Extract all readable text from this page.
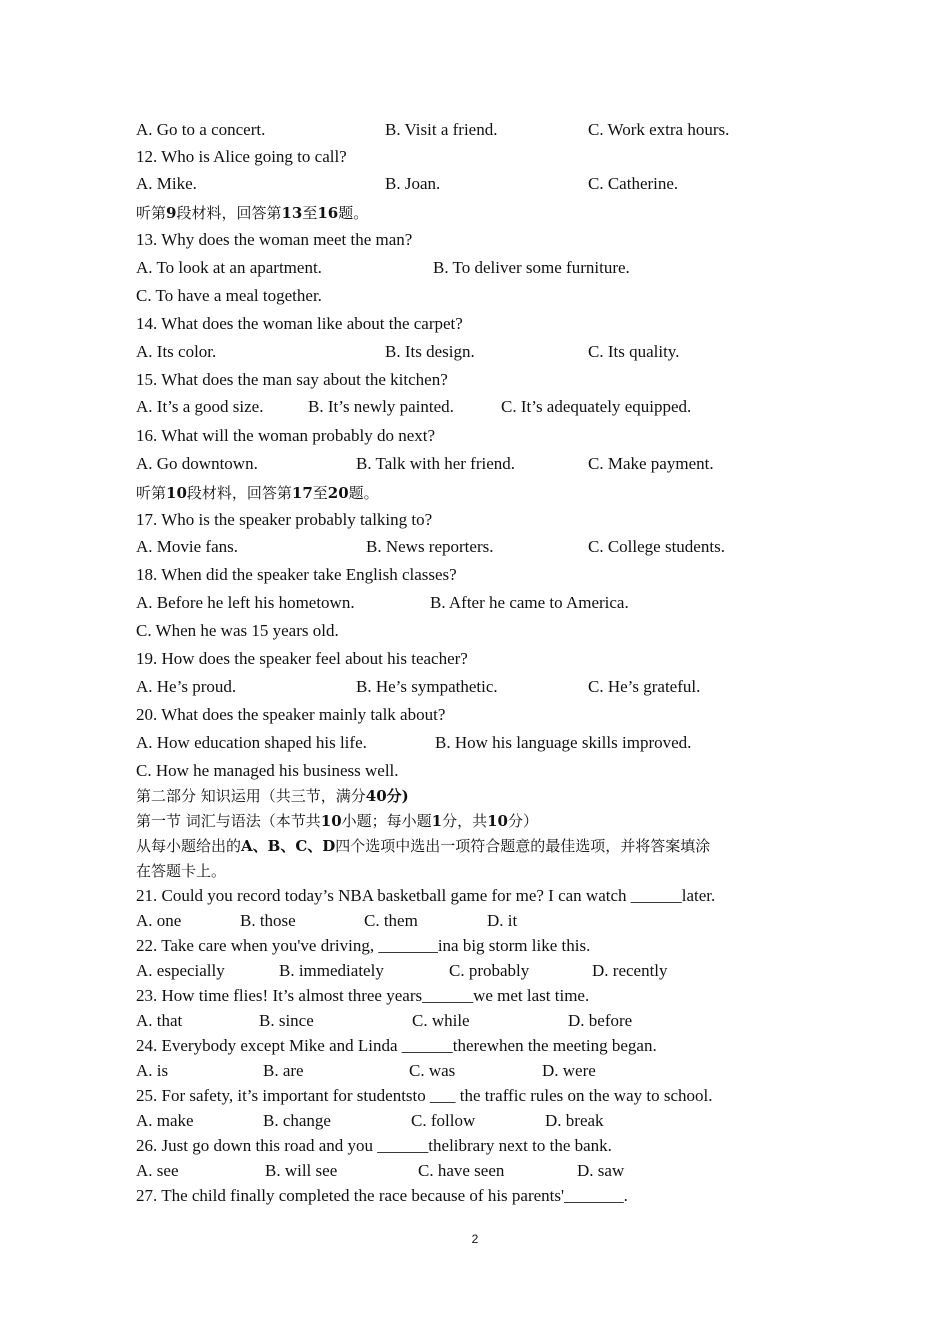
A. Go to a concert.	B. Visit a friend.	C. Work extra hours.
12. Who is Alice going to call?
A. Mike.	B. Joan.	C. Catherine.
听第9段材料，回答第13至16题。
13. Why does the woman meet the man?
A. To look at an apartment.	B. To deliver some furniture.
C. To have a meal together.
14. What does the woman like about the carpet?
A. Its color.	B. Its design.	C. Its quality.
15. What does the man say about the kitchen?
A. It’s a good size.	B. It’s newly painted.	C. It’s adequately equipped.
16. What will the woman probably do next?
A. Go downtown.	B. Talk with her friend.	C. Make payment.
听第10段材料，回答第17至20题。
17. Who is the speaker probably talking to?
A. Movie fans.	B. News reporters.	C. College students.
18. When did the speaker take English classes?
A. Before he left his hometown.	B. After he came to America.
C. When he was 15 years old.
19. How does the speaker feel about his teacher?
A. He’s proud.	B. He’s sympathetic.	C. He’s grateful.
20. What does the speaker mainly talk about?
A. How education shaped his life.	B. How his language skills improved.
C. How he managed his business well.
第二部分 知识运用（共三节，满分40分)
第一节 词汇与语法（本节共10小题；每小题1分，共10分）
从每小题给出的A、B、C、D四个选项中选出一项符合题意的最佳选项，并将答案填涂
在答题卡上。
21. Could you record today’s NBA basketball game for me? I can watch ______later.
A. one	B. those	C. them	D. it
22. Take care when you've driving, _______ina big storm like this.
A. especially	B. immediately	C. probably	D. recently
23. How time flies! It’s almost three years______we met last time.
A. that	B. since	C. while	D. before
24. Everybody except Mike and Linda ______therewhen the meeting began.
A. is	B. are	C. was	D. were
25. For safety, it’s important for studentsto ___ the traffic rules on the way to school.
A. make	B. change	C. follow	D. break
26. Just go down this road and you ______thelibrary next to the bank.
A. see	B. will see	C. have seen	D. saw
27. The child finally completed the race because of his parents'_______.
2
